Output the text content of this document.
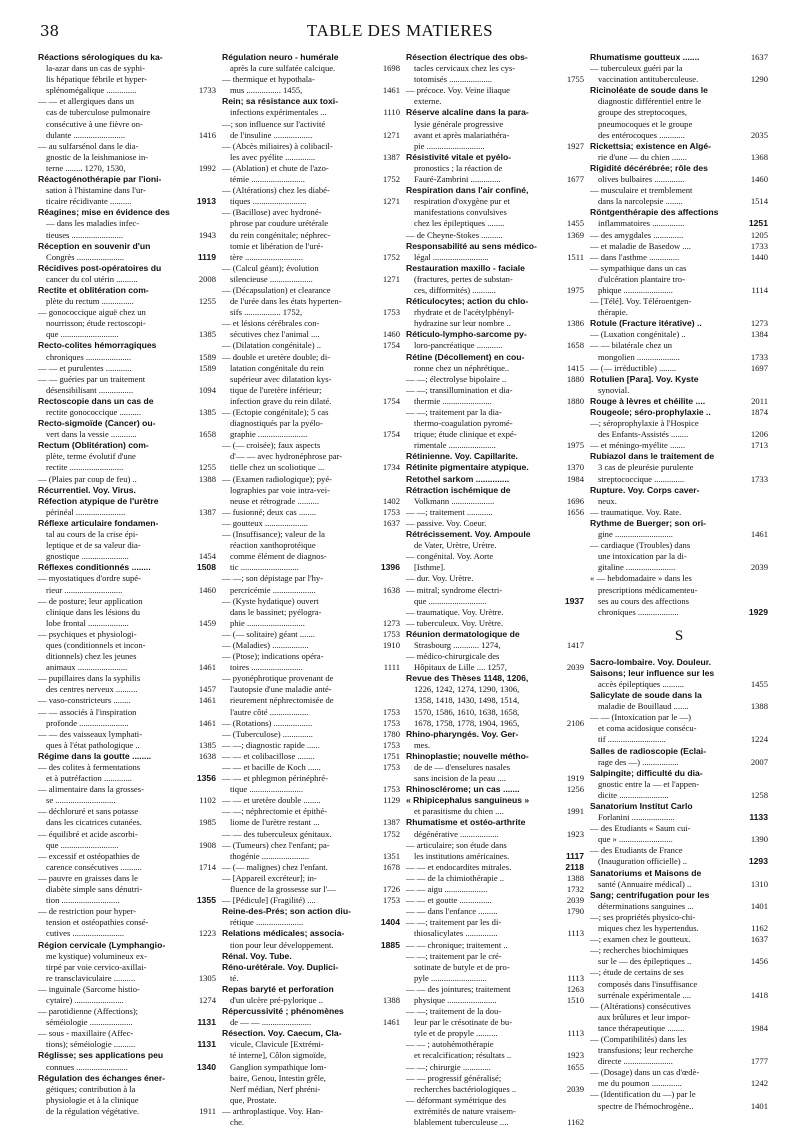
38	TABLE DES MATIERES
Réactions sérologiques du ka-
la-azar dans un cas de syphi-
lis hépatique fébrile et hyper-
splénomégalique ..............	1733
— — et allergiques dans un
cas de tuberculose pulmonaire
consécutive à une fièvre on-
dulante ........................	1416
— au sulfarsénol dans le dia-
gnostic de la leishmaniose in-
terne ........ 1270, 1530,	1992
Réactogénothérapie par l'ioni-
sation à l'histamine dans l'ur-
ticaire récidivante ..........	1913
Réagines; mise en évidence des
— dans les maladies infec-
tieuses ........................	1943
Réception en souvenir d'un
Congrès ......................	1119
Récidives post-opératoires du
cancer du col utérin ..........	2008
Rectite et oblitération com-
plète du rectum ...............	1255
— gonococcique aiguë chez un
nourrisson; étude rectoscopi-
que ...........................	1385
Recto-colites hémorragiques
chroniques .....................	1589
— — et purulentes ............	1589
— — guéries par un traitement
désensibilisant ................	1094
Rectoscopie dans un cas de
rectite gonococcique ..........	1385
Recto-sigmoïde (Cancer) ou-
vert dans la vessie ............	1658
Rectum (Oblitération) com-
plète, terme évolutif d'une
rectite .........................	1255
— (Plaies par coup de feu) ..	1388
Récurrentiel. Voy. Virus.
Réfection atypique de l'urètre
périnéal .......................	1387
Réflexe articulaire fondamen-
tal au cours de la crise épi-
leptique et de sa valeur dia-
gnostique ......................	1454
Réflexes conditionnés ........	1508
— myostatiques d'ordre supé-
rieur ...........................	1460
— de posture; leur application
clinique dans les lésions du
lobe frontal ...................	1459
— psychiques et physiologi-
ques (conditionnels et incon-
ditionnels) chez les jeunes
animaux .......................	1461
— pupillaires dans la syphilis
des centres nerveux ..........	1457
— vaso-constricteurs ........	1461
— — associés à l'inspiration
profonde .......................	1461
— — des vaisseaux lymphati-
ques à l'état pathologique ..	1385
Régime dans la goutte ........	1638
— des colites à fermentations
et à putréfaction .............	1356
— alimentaire dans la grosses-
se ............................	1102
— déchloruré et sans potasse
dans les cicatrices cutanées.	1985
— équilibré et acide ascorbi-
que ...........................	1908
— excessif et ostéopathies de
carence consécutives ..........	1714
— pauvre en graisses dans le
diabète simple sans dénutri-
tion ...........................	1355
— de restriction pour hyper-
tension et ostéopathies consé-
cutives ........................	1223
Région cervicale (Lymphangio-
me kystique) volumineux ex-
tirpé par voie cervico-axillai-
re transclaviculaire ..........	1305
— inguinale (Sarcome histio-
cytaire) .......................	1274
— parotidienne (Affections);
séméiologie ....................	1131
— sous - maxillaire (Affec-
tions); séméiologie ..........	1131
Réglisse; ses applications peu
connues ........................	1340
Régulation des échanges éner-
gétiques; contribution à la
physiologie et à la clinique
de la régulation végétative.	1911
Régulation neuro - humérale
après la cure sulfatée calcique.	1698
— thermique et hypothala-
mus ................ 1455,	1461
Rein; sa résistance aux toxi-
infections expérimentales ...	1110
—; son influence sur l'activité
de l'insuline ..................	1271
— (Abcès miliaires) à colibacil-
les avec pyélite ..............	1387
— (Ablation) et chute de l'azo-
témie .........................	1752
— (Altérations) chez les diabé-
tiques .........................	1271
— (Bacillose) avec hydroné-
phrose par coudure urétérale
du rein congénitale; néphrec-
tomie et libération de l'uré-
tère ...........................	1752
— (Calcul géant); évolution
silencieuse ....................	1271
— (Décapsulation) et clearance
de l'urée dans les états hyperten-
sifs ................. 1752,	1753
— et lésions cérébrales con-
sécutives chez l'animal ....	1460
— (Dilatation congénitale) ..	1754
— double et uretère double; di-
latation congénitale du rein
supérieur avec dilatation kys-
tique de l'uretère inférieur;
infection grave du rein dilaté.	1754
— (Ectopie congénitale); 5 cas
diagnostiqués par la pyélo-
graphie .......................	1754
— (— croisée); faux aspects
d'— — avec hydronéphrose par-
tielle chez un scoliotique ...	1734
— (Examen radiologique); pyé-
lographies par voie intra-vei-
neuse et rétrograde ..........	1402
— fusionné; deux cas ........	1753
— goutteux ....................	1637
— (Insuffisance); valeur de la
réaction xanthoprotéique
comme élément de diagnos-
tic ...........................	1396
— —; son dépistage par l'hy-
percricémie ....................	1638
— (Kyste hydatique) ouvert
dans le bassinet; pyélogra-
phie ...........................	1273
— (— solitaire) géant .......	1753
— (Maladies) .................	1910
— (Ptose); indications opéra-
toires ........................	1111
— pyonéphrotique provenant de
l'autopsie d'une maladie anté-
rieurement néphrectomisée de
l'autre côté ..................	1753
— (Rotations) ..................	1753
— (Tuberculose) ..............	1780
— —; diagnostic rapide ......	1753
— — et colibacillose ........	1751
— — et bacille de Koch ......	1753
— — et phlegmon périnéphré-
tique .........................	1753
— — et uretère double ........	1129
— —; néphrectomie et épithé-
liome de l'urètre restant ...	1387
— — des tuberculeux génitaux.	1752
— (Tumeurs) chez l'enfant; pa-
thogénie ......................	1351
— (— malignes) chez l'enfant.	1678
— [Appareil excréteur]; in-
fluence de la grossesse sur l'—	1726
— [Pédicule] (Fragilité) ....	1753
Reine-des-Prés; son action diu-
rétique ......................	1404
Relations médicales; associa-
tion pour leur développement.	1885
Rénal. Voy. Tube.
Réno-urétérale. Voy. Duplici-
té.
Repas baryté et perforation
d'un ulcère pré-pylorique ..	1388
Répercussivité ; phénomènes
de — — .......................	1461
Résection. Voy. Caecum, Cla-
vicule, Clavicule [Extrémi-
té interne], Côlon sigmoïde,
Ganglion sympathique lom-
baire, Genou, Intestin grêle,
Nerf médian, Nerf phréni-
que, Prostate.
— arthroplastique. Voy. Han-
che.
Résection électrique des obs-
tacles cervicaux chez les cys-
totomisés ....................	1755
— précoce. Voy. Veine iliaque
externe.
Réserve alcaline dans la para-
lysie générale progressive
avant et après malariathéra-
pie ...........................	1927
Résistivité vitale et pyélo-
pronostics ; la réaction de
Fauré-Zambrini ..............	1677
Respiration dans l'air confiné,
respiration d'oxygène pur et
manifestations convulsives
chez les épileptiques ........	1455
— de Cheyne-Stokes ..........	1369
Responsabilité au sens médico-
légal ..........................	1511
Restauration maxillo - faciale
(fractures, pertes de substan-
ces, difformités) ...........	1975
Réticulocytes; action du chlo-
rhydrate et de l'acétylphényl-
hydrazine sur leur nombre ..	1386
Réticulo-lympho-sarcome py-
loro-pancréatique ............	1658
Rétine (Décollement) en cou-
ronne chez un néphrétique..	1415
— —; électrolyse bipolaire ..	1880
— —; transillumination et dia-
thermie .......................	1880
— —; traitement par la dia-
thermo-coagulation pyromé-
trique; étude clinique et expé-
rimentale ......................	1975
Rétinienne. Voy. Capillarite.
Rétinite pigmentaire atypique.	1370
Retothel sarkom ..............	1984
Rétraction ischémique de
Volkmann ....................	1696
— —; traitement ............	1656
— passive. Voy. Coeur.
Rétrécissement. Voy. Ampoule
de Vater, Urètre, Urètre.
— congénital. Voy. Aorte
[Isthme].
— dur. Voy. Urètre.
— mitral; syndrome électri-
que ...........................	1937
— traumatique. Voy. Urètre.
— tuberculeux. Voy. Urètre.
Réunion dermatologique de
Strasbourg ............ 1274,	1417
— médico-chirurgicale des
Hôpitaux de Lille .... 1257,	2039
Revue des Thèses 1148, 1206,
1226, 1242, 1274, 1290, 1306,
1358, 1418, 1430, 1498, 1514,
1570, 1586, 1610, 1638, 1658,
1678, 1758, 1778, 1904, 1965,	2106
Rhino-pharyngés. Voy. Ger-
mes.
Rhinoplastie; nouvelle métho-
de de — d'enselures nasales
sans incision de la peau ....	1919
Rhinosclérome; un cas .......	1256
« Rhipicephalus sanguineus »
et parasitisme du chien ....	1991
Rhumatisme et ostéo-arthrite
dégénérative ..................	1923
— articulaire; son étude dans
les institutions américaines.	1117
— — et endocardites mitrales.	2118
— — de la chimiothérapie ..	1388
— — aigu ....................	1732
— — et goutte ...............	2039
— — dans l'enfance .........	1790
— —; traitement par les di-
thiosalicylates ...............	1113
— — chronique; traitement ..
— —; traitement par le cré-
sotinate de butyle et de pro-
pyle ..........................	1113
— — des jointures; traitement	1263
physique .......................	1510
— —; traitement de la dou-
leur par le crésotinate de bu-
tyle et de propyle ..........	1113
— — ; autohémothérapie
et recalcification; résultats ..	1923
— —; chirurgie .............	1655
— — progressif généralisé;
recherches bactériologiques ..	2039
— déformant symétrique des
extrémités de nature vraisem-
blablement tuberculeuse ....	1162
Rhumatisme goutteux .......	1637
— tuberculeux guéri par la
vaccination antituberculeuse.	1290
Ricinoléate de soude dans le
diagnostic différentiel entre le
groupe des streptocoques,
pneumocoques et le groupe
des entérocoques ............	2035
Rickettsia; existence en Algé-
rie d'une — du chien .......	1368
Rigidité décérébrée; rôle des
olives bulbaires ..............	1460
— musculaire et tremblement
dans la narcolepsie ........	1514
Röntgenthérapie des affections
inflammatoires ...............	1251
— des amygdales ..............	1205
— et maladie de Basedow ....	1733
— dans l'asthme ..............	1440
— sympathique dans un cas
d'ulcération plantaire tro-
phique .......................	1114
— [Télé]. Voy. Téléroentgen-
thérapie.
Rotule (Fracture itérative) ..	1273
— (Luxation congénitale) ..	1384
— — bilatérale chez un
mongolien ....................	1733
— (— irréductible) ........	1697
Rotulien [Para]. Voy. Kyste
synovial.
Rouge à lèvres et chéilite ....	2011
Rougeole; séro-prophylaxie ..	1874
—; séroprophylaxie à l'Hospice
des Enfants-Assistés ........	1206
— et méningo-myélite .......	1713
Rubiazol dans le traitement de
3 cas de pleurésie purulente
streptococcique ..............	1733
Rupture. Voy. Corps caver-
neux.
— traumatique. Voy. Rate.
Rythme de Buerger; son ori-
gine ...........................	1461
— cardiaque (Troubles) dans
une intoxication par la di-
gitaline .......................	2039
« — hebdomadaire » dans les
prescriptions médicamenteu-
ses au cours des affections
chroniques ...................	1929
S
Sacro-lombaire. Voy. Douleur.
Saisons; leur influence sur les
accès épileptiques ..........	1455
Salicylate de soude dans la
maladie de Bouillaud .......	1388
— — (Intoxication par le —)
et coma acidosique consécu-
tif ...........................	1224
Salles de radioscopie (Eclai-
rage des —) .................	2007
Salpingite; difficulté du dia-
gnostic entre la — et l'appen-
dicite .......................	1258
Sanatorium Institut Carlo
Forlanini ....................	1133
— des Etudiants « Saum cui-
que » .........................	1390
— des Etudiants de France
(Inauguration officielle) ..	1293
Sanatoriums et Maisons de
santé (Annuaire médical) ..	1310
Sang; centrifugation pour les
déterminations sanguines ...	1401
—; ses propriétés physico-chi-
miques chez les hypertendus.	1162
—; examen chez le goutteux.	1637
—; recherches biochimiques
sur le — des épileptiques ..	1456
—; étude de certains de ses
composés dans l'insuffisance
surrénale expérimentale ....	1418
— (Altérations) consécutives
aux brûlures et leur impor-
tance thérapeutique ........	1984
— (Compatibilités) dans les
transfusions; leur recherche
directe .......................	1777
— (Dosage) dans un cas d'œdè-
me du poumon ..............	1242
— (Identification du —) par le
spectre de l'hémochrogène..	1401
